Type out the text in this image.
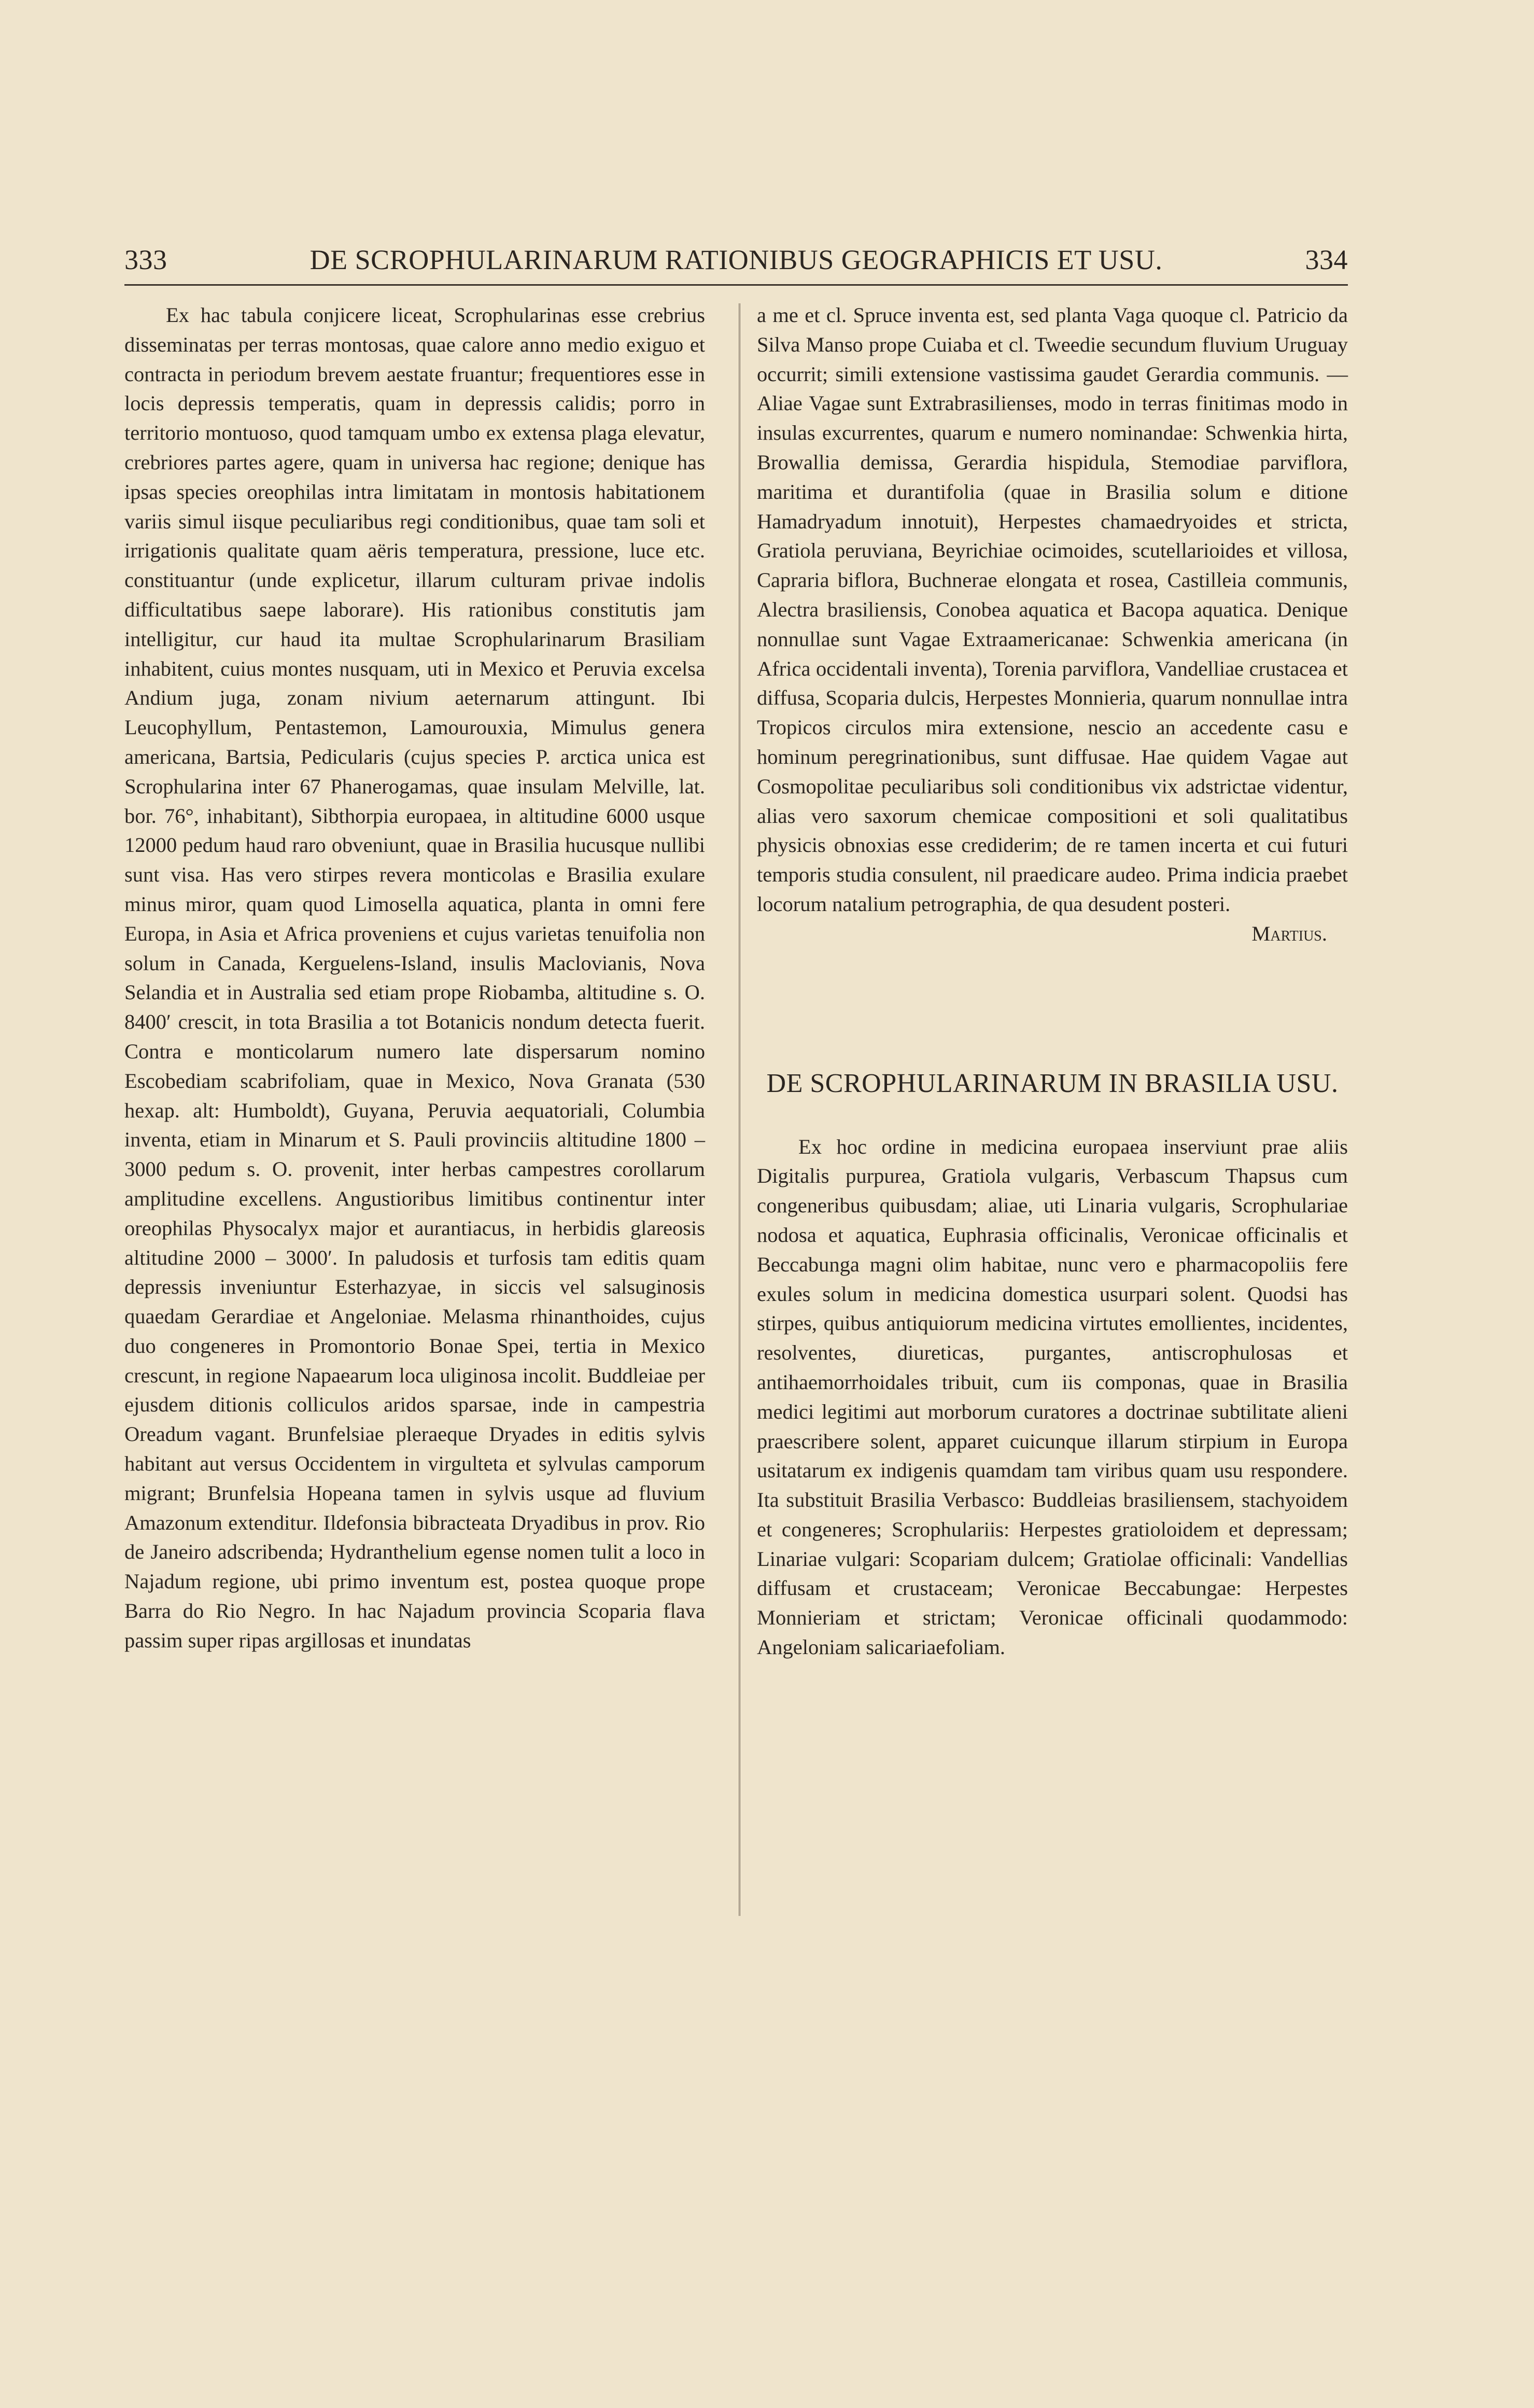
333	DE SCROPHULARINARUM RATIONIBUS GEOGRAPHICIS ET USU.	334

Ex hac tabula conjicere liceat, Scrophularinas esse crebrius disseminatas per terras montosas, quae calore anno medio exiguo et contracta in periodum brevem aestate fruantur; frequentiores esse in locis depressis temperatis, quam in depressis calidis; porro in territorio montuoso, quod tamquam umbo ex extensa plaga elevatur, crebriores partes agere, quam in universa hac regione; denique has ipsas species oreophilas intra limitatam in montosis habitationem variis simul iisque peculiaribus regi conditionibus, quae tam soli et irrigationis qualitate quam aëris temperatura, pressione, luce etc. constituantur (unde explicetur, illarum culturam privae indolis difficultatibus saepe laborare). His rationibus constitutis jam intelligitur, cur haud ita multae Scrophularinarum Brasiliam inhabitent, cuius montes nusquam, uti in Mexico et Peruvia excelsa Andium juga, zonam nivium aeternarum attingunt. Ibi Leucophyllum, Pentastemon, Lamourouxia, Mimulus genera americana, Bartsia, Pedicularis (cujus species P. arctica unica est Scrophularina inter 67 Phanerogamas, quae insulam Melville, lat. bor. 76°, inhabitant), Sibthorpia europaea, in altitudine 6000 usque 12000 pedum haud raro obveniunt, quae in Brasilia hucusque nullibi sunt visa. Has vero stirpes revera monticolas e Brasilia exulare minus miror, quam quod Limosella aquatica, planta in omni fere Europa, in Asia et Africa proveniens et cujus varietas tenuifolia non solum in Canada, Kerguelens-Island, insulis Maclovianis, Nova Selandia et in Australia sed etiam prope Riobamba, altitudine s. O. 8400′ crescit, in tota Brasilia a tot Botanicis nondum detecta fuerit. Contra e monticolarum numero late dispersarum nomino Escobediam scabrifoliam, quae in Mexico, Nova Granata (530 hexap. alt: Humboldt), Guyana, Peruvia aequatoriali, Columbia inventa, etiam in Minarum et S. Pauli provinciis altitudine 1800 – 3000 pedum s. O. provenit, inter herbas campestres corollarum amplitudine excellens. Angustioribus limitibus continentur inter oreophilas Physocalyx major et aurantiacus, in herbidis glareosis altitudine 2000 – 3000′. In paludosis et turfosis tam editis quam depressis inveniuntur Esterhazyae, in siccis vel salsuginosis quaedam Gerardiae et Angeloniae. Melasma rhinanthoides, cujus duo congeneres in Promontorio Bonae Spei, tertia in Mexico crescunt, in regione Napaearum loca uliginosa incolit. Buddleiae per ejusdem ditionis colliculos aridos sparsae, inde in campestria Oreadum vagant. Brunfelsiae pleraeque Dryades in editis sylvis habitant aut versus Occidentem in virgulteta et sylvulas camporum migrant; Brunfelsia Hopeana tamen in sylvis usque ad fluvium Amazonum extenditur. Ildefonsia bibracteata Dryadibus in prov. Rio de Janeiro adscribenda; Hydranthelium egense nomen tulit a loco in Najadum regione, ubi primo inventum est, postea quoque prope Barra do Rio Negro. In hac Najadum provincia Scoparia flava passim super ripas argillosas et inundatas

a me et cl. Spruce inventa est, sed planta Vaga quoque cl. Patricio da Silva Manso prope Cuiaba et cl. Tweedie secundum fluvium Uruguay occurrit; simili extensione vastissima gaudet Gerardia communis. — Aliae Vagae sunt Extrabrasilienses, modo in terras finitimas modo in insulas excurrentes, quarum e numero nominandae: Schwenkia hirta, Browallia demissa, Gerardia hispidula, Stemodiae parviflora, maritima et durantifolia (quae in Brasilia solum e ditione Hamadryadum innotuit), Herpestes chamaedryoides et stricta, Gratiola peruviana, Beyrichiae ocimoides, scutellarioides et villosa, Capraria biflora, Buchnerae elongata et rosea, Castilleia communis, Alectra brasiliensis, Conobea aquatica et Bacopa aquatica. Denique nonnullae sunt Vagae Extraamericanae: Schwenkia americana (in Africa occidentali inventa), Torenia parviflora, Vandelliae crustacea et diffusa, Scoparia dulcis, Herpestes Monnieria, quarum nonnullae intra Tropicos circulos mira extensione, nescio an accedente casu e hominum peregrinationibus, sunt diffusae. Hae quidem Vagae aut Cosmopolitae peculiaribus soli conditionibus vix adstrictae videntur, alias vero saxorum chemicae compositioni et soli qualitatibus physicis obnoxias esse crediderim; de re tamen incerta et cui futuri temporis studia consulent, nil praedicare audeo. Prima indicia praebet locorum natalium petrographia, de qua desudent posteri.

Martius.

DE SCROPHULARINARUM IN BRASILIA USU.

Ex hoc ordine in medicina europaea inserviunt prae aliis Digitalis purpurea, Gratiola vulgaris, Verbascum Thapsus cum congeneribus quibusdam; aliae, uti Linaria vulgaris, Scrophulariae nodosa et aquatica, Euphrasia officinalis, Veronicae officinalis et Beccabunga magni olim habitae, nunc vero e pharmacopoliis fere exules solum in medicina domestica usurpari solent. Quodsi has stirpes, quibus antiquiorum medicina virtutes emollientes, incidentes, resolventes, diureticas, purgantes, antiscrophulosas et antihaemorrhoidales tribuit, cum iis componas, quae in Brasilia medici legitimi aut morborum curatores a doctrinae subtilitate alieni praescribere solent, apparet cuicunque illarum stirpium in Europa usitatarum ex indigenis quamdam tam viribus quam usu respondere. Ita substituit Brasilia Verbasco: Buddleias brasiliensem, stachyoidem et congeneres; Scrophulariis: Herpestes gratioloidem et depressam; Linariae vulgari: Scopariam dulcem; Gratiolae officinali: Vandellias diffusam et crustaceam; Veronicae Beccabungae: Herpestes Monnieriam et strictam; Veronicae officinali quodammodo: Angeloniam salicariaefoliam.
